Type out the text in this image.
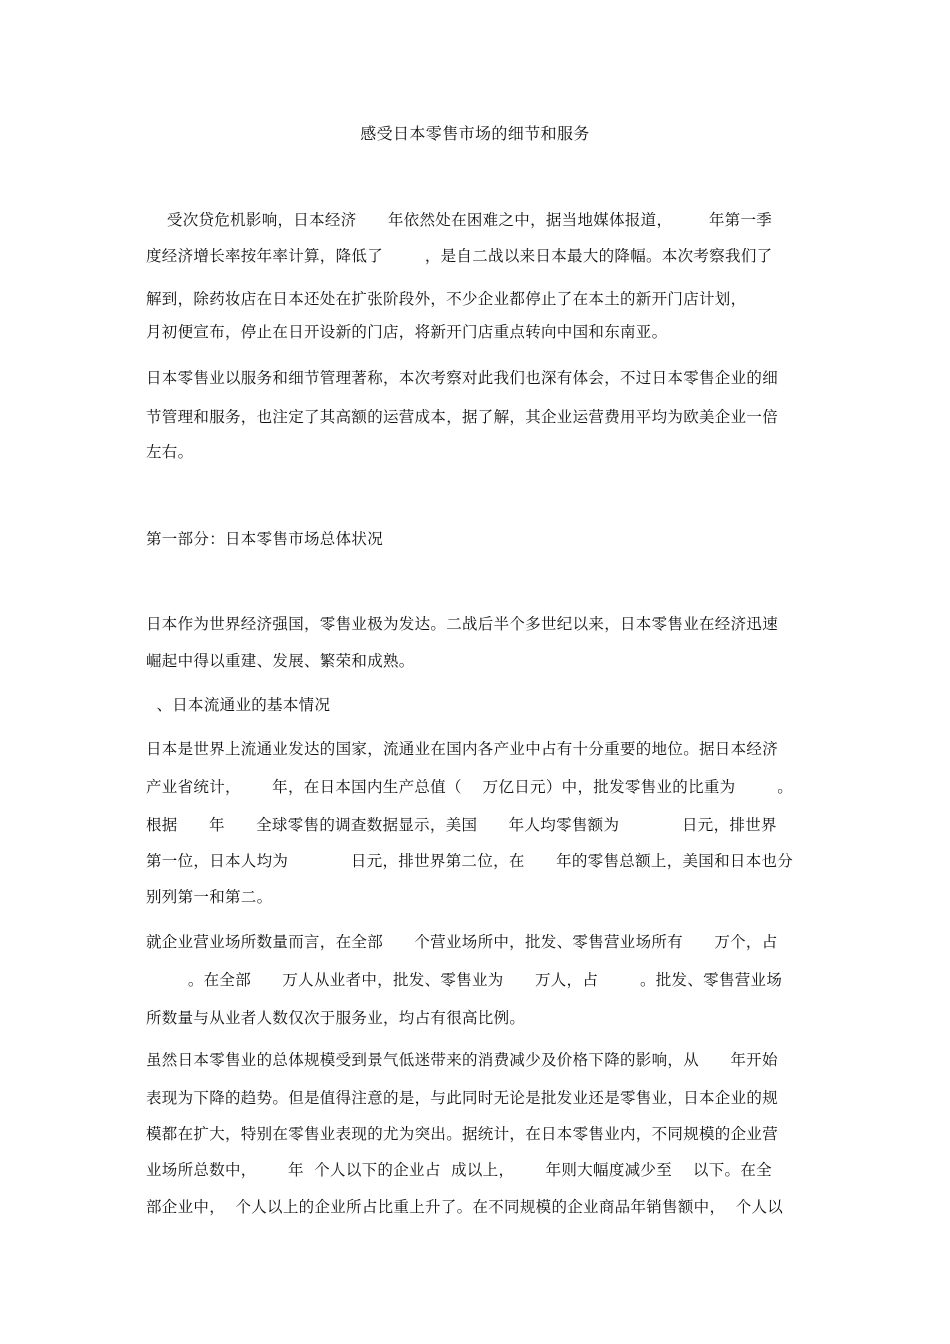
感受日本零售市场的细节和服务
受次贷危机影响，日本经济      年依然处在困难之中，据当地媒体报道，       年第一季
度经济增长率按年率计算，降低了        ，是自二战以来日本最大的降幅。本次考察我们了
解到，除药妆店在日本还处在扩张阶段外，不少企业都停止了在本土的新开门店计划，
月初便宣布，停止在日开设新的门店，将新开门店重点转向中国和东南亚。
日本零售业以服务和细节管理著称，本次考察对此我们也深有体会，不过日本零售企业的细
节管理和服务，也注定了其高额的运营成本，据了解，其企业运营费用平均为欧美企业一倍
左右。
第一部分：日本零售市场总体状况
日本作为世界经济强国，零售业极为发达。二战后半个多世纪以来，日本零售业在经济迅速
崛起中得以重建、发展、繁荣和成熟。
、日本流通业的基本情况
日本是世界上流通业发达的国家，流通业在国内各产业中占有十分重要的地位。据日本经济
产业省统计，      年，在日本国内生产总值（    万亿日元）中，批发零售业的比重为        。
根据      年      全球零售的调查数据显示，美国      年人均零售额为            日元，排世界
第一位，日本人均为            日元，排世界第二位，在      年的零售总额上，美国和日本也分
别列第一和第二。
就企业营业场所数量而言，在全部      个营业场所中，批发、零售营业场所有      万个，占
。在全部      万人从业者中，批发、零售业为      万人，占        。批发、零售营业场
所数量与从业者人数仅次于服务业，均占有很高比例。
虽然日本零售业的总体规模受到景气低迷带来的消费减少及价格下降的影响，从      年开始
表现为下降的趋势。但是值得注意的是，与此同时无论是批发业还是零售业，日本企业的规
模都在扩大，特别在零售业表现的尤为突出。据统计，在日本零售业内，不同规模的企业营
业场所总数中，      年  个人以下的企业占  成以上，      年则大幅度减少至    以下。在全
部企业中，  个人以上的企业所占比重上升了。在不同规模的企业商品年销售额中，  个人以
